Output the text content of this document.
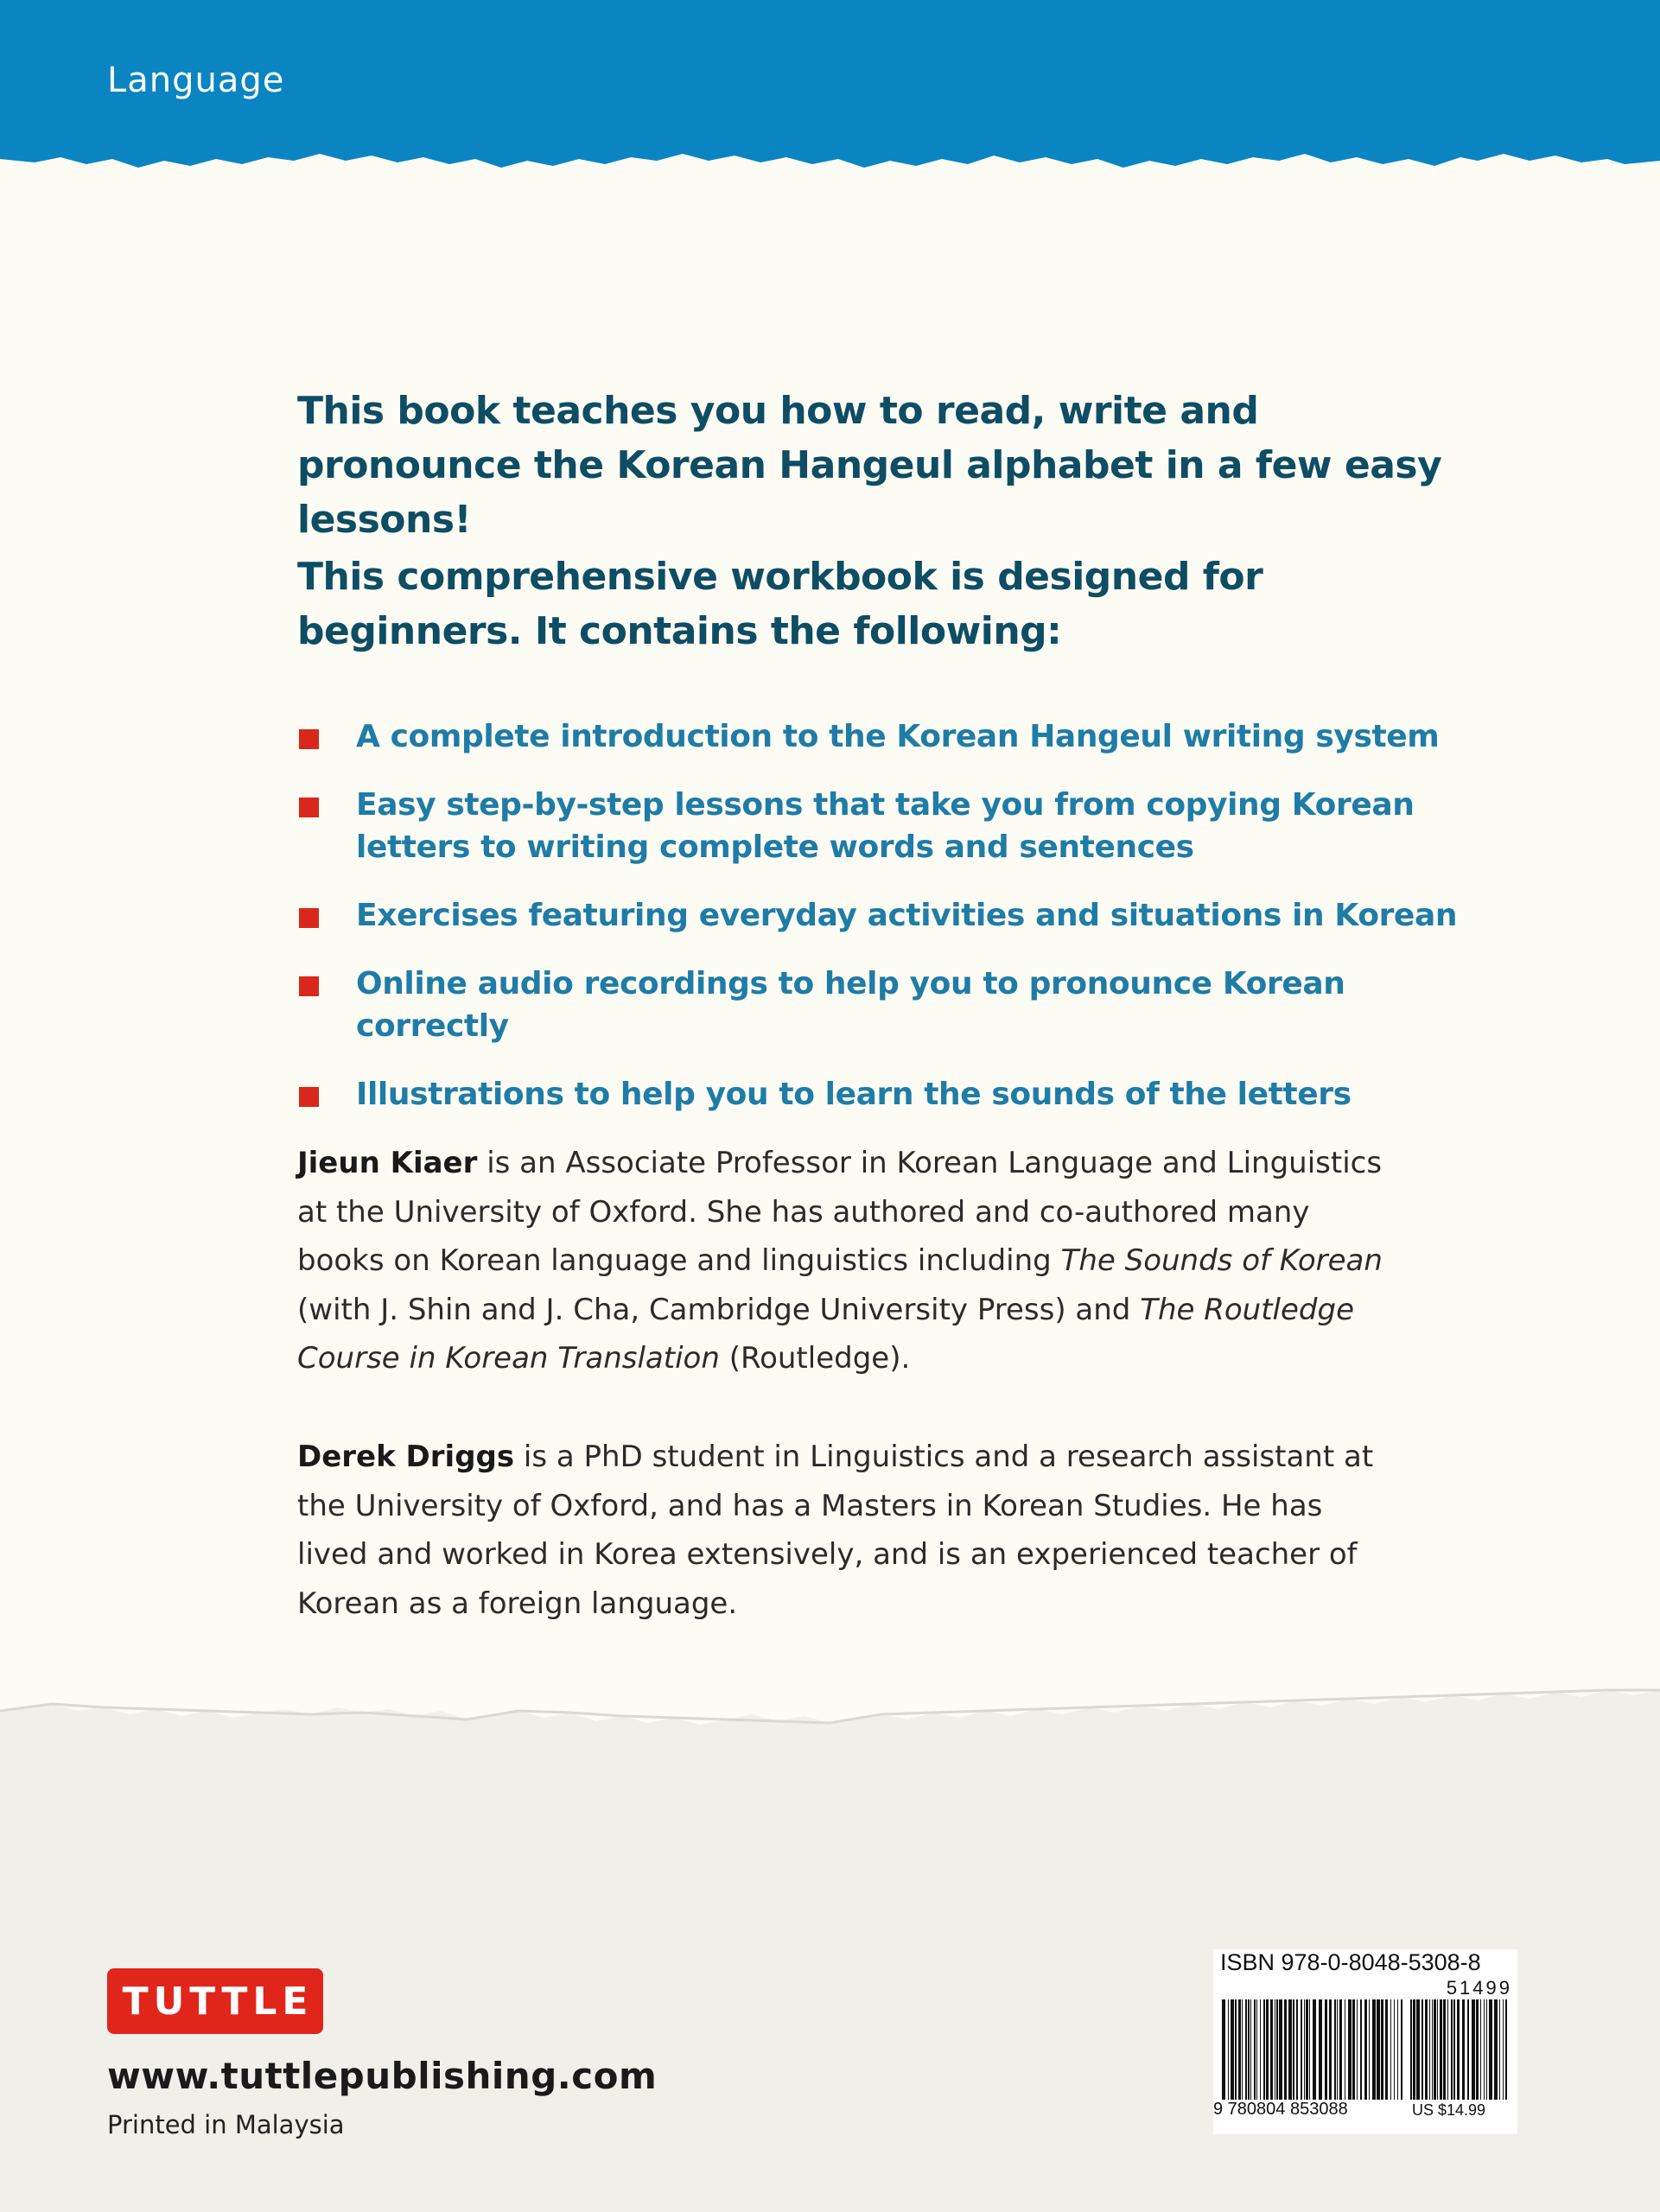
Language
This book teaches you how to read, write and pronounce the Korean Hangeul alphabet in a few easy lessons!
This comprehensive workbook is designed for beginners. It contains the following:
A complete introduction to the Korean Hangeul writing system
Easy step-by-step lessons that take you from copying Korean letters to writing complete words and sentences
Exercises featuring everyday activities and situations in Korean
Online audio recordings to help you to pronounce Korean correctly
Illustrations to help you to learn the sounds of the letters
Jieun Kiaer is an Associate Professor in Korean Language and Linguistics at the University of Oxford. She has authored and co-authored many books on Korean language and linguistics including The Sounds of Korean (with J. Shin and J. Cha, Cambridge University Press) and The Routledge Course in Korean Translation (Routledge).
Derek Driggs is a PhD student in Linguistics and a research assistant at the University of Oxford, and has a Masters in Korean Studies. He has lived and worked in Korea extensively, and is an experienced teacher of Korean as a foreign language.
TUTTLE
www.tuttlepublishing.com
Printed in Malaysia
ISBN 978-0-8048-5308-8
51499
9 780804 853088	US $14.99
